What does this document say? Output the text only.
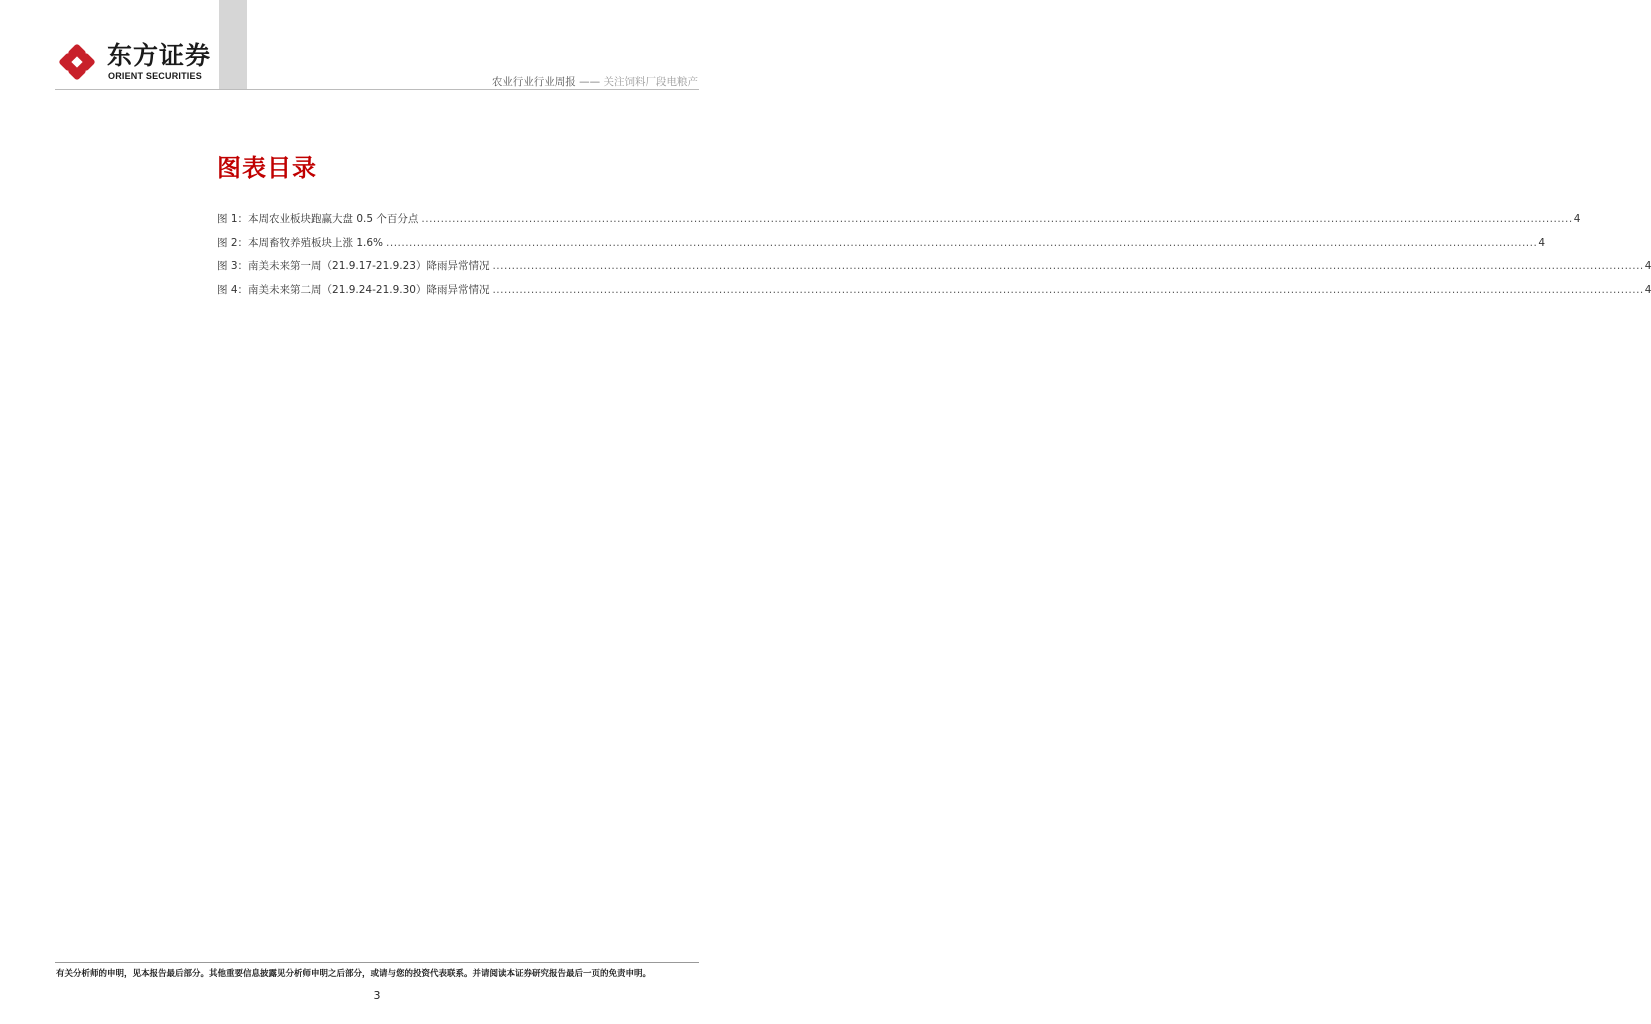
东方证券
ORIENT SECURITIES	农业行业行业周报 —— 关注饲料厂段电粮产
图表目录
图 1：本周农业板块跑赢大盘 0.5 个百分点 ............................................................................................................................................................................................................................................................................................................ 4
图 2：本周畜牧养殖板块上涨 1.6% ............................................................................................................................................................................................................................................................................................................ 4
图 3：南美未来第一周（21.9.17-21.9.23）降雨异常情况 ............................................................................................................................................................................................................................................................................................................ 4
图 4：南美未来第二周（21.9.24-21.9.30）降雨异常情况 ............................................................................................................................................................................................................................................................................................................ 4
有关分析师的申明，见本报告最后部分。其他重要信息披露见分析师申明之后部分，或请与您的投资代表联系。并请阅读本证券研究报告最后一页的免责申明。
3
